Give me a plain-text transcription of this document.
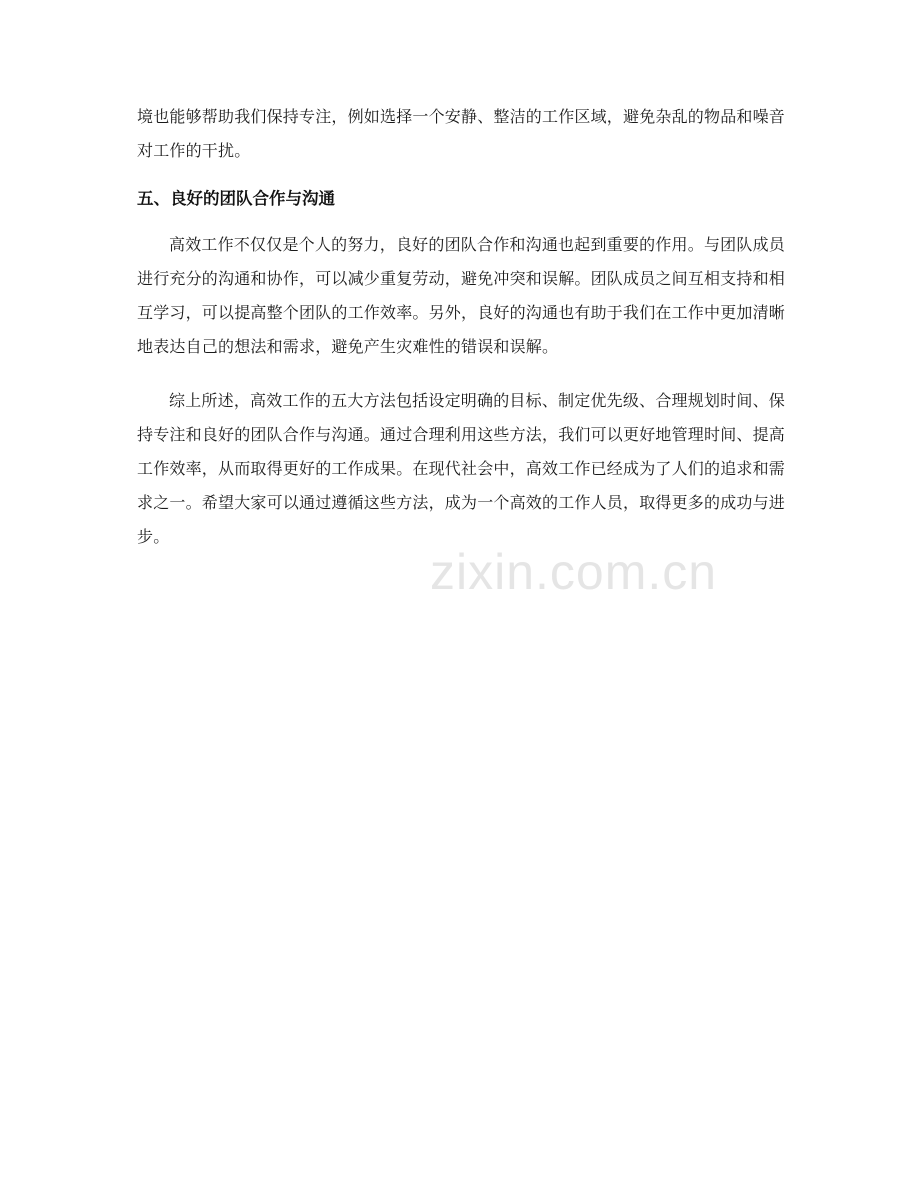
境也能够帮助我们保持专注，例如选择一个安静、整洁的工作区域，避免杂乱的物品和噪音对工作的干扰。

五、良好的团队合作与沟通

高效工作不仅仅是个人的努力，良好的团队合作和沟通也起到重要的作用。与团队成员进行充分的沟通和协作，可以减少重复劳动，避免冲突和误解。团队成员之间互相支持和相互学习，可以提高整个团队的工作效率。另外，良好的沟通也有助于我们在工作中更加清晰地表达自己的想法和需求，避免产生灾难性的错误和误解。

综上所述，高效工作的五大方法包括设定明确的目标、制定优先级、合理规划时间、保持专注和良好的团队合作与沟通。通过合理利用这些方法，我们可以更好地管理时间、提高工作效率，从而取得更好的工作成果。在现代社会中，高效工作已经成为了人们的追求和需求之一。希望大家可以通过遵循这些方法，成为一个高效的工作人员，取得更多的成功与进步。

zixin.com.cn
